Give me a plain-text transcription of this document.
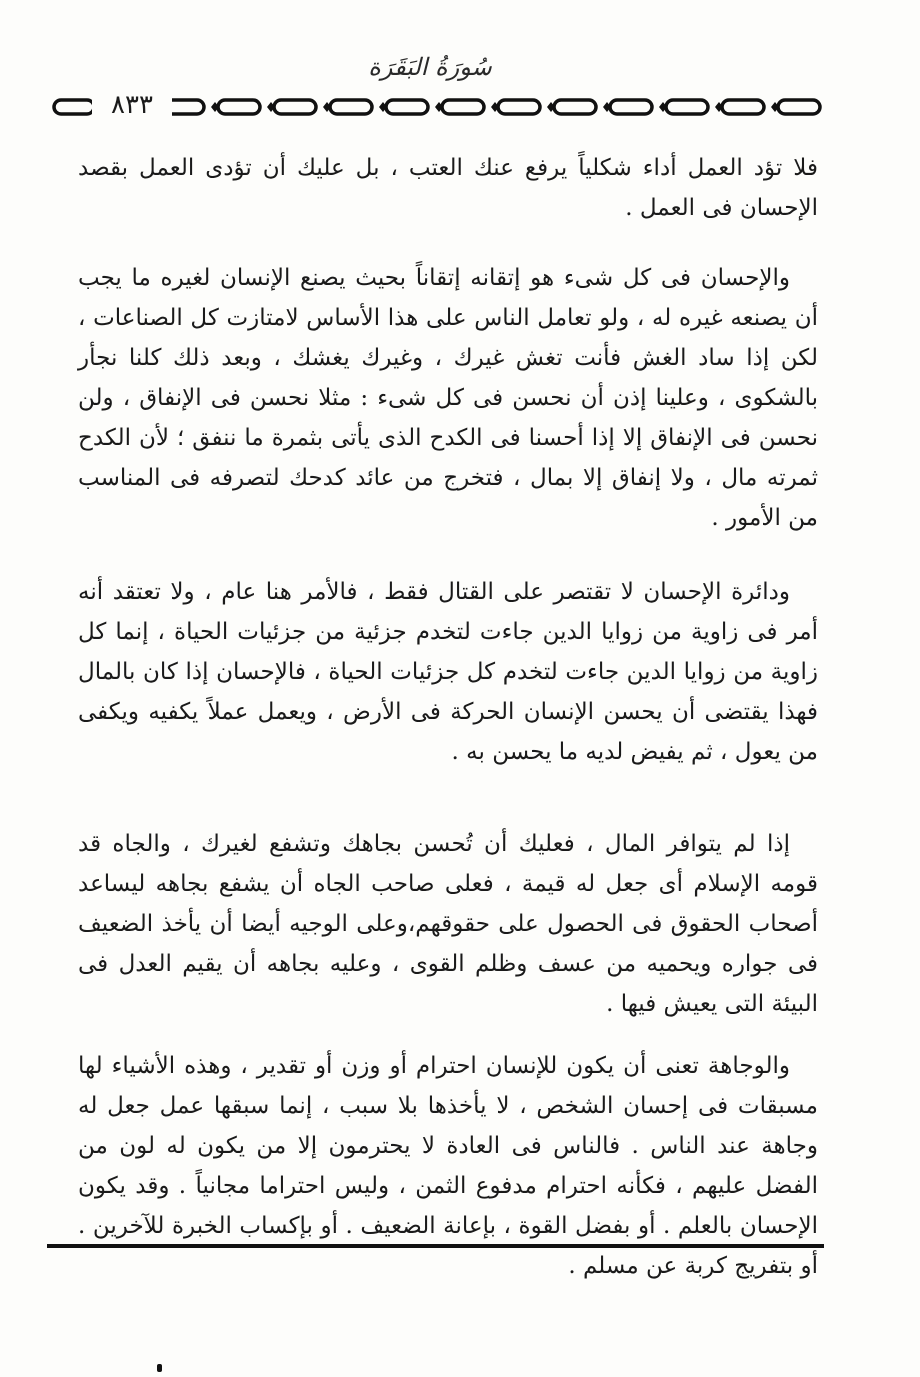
سُورَةُ البَقَرَة
٨٣٣

فلا تؤد العمل أداء شكلياً يرفع عنك العتب ، بل عليك أن تؤدى العمل بقصد الإحسان فى العمل .

والإحسان فى كل شىء هو إتقانه إتقاناً بحيث يصنع الإنسان لغيره ما يجب أن يصنعه غيره له ، ولو تعامل الناس على هذا الأساس لامتازت كل الصناعات ، لكن إذا ساد الغش فأنت تغش غيرك ، وغيرك يغشك ، وبعد ذلك كلنا نجأر بالشكوى ، وعلينا إذن أن نحسن فى كل شىء : مثلا نحسن فى الإنفاق ، ولن نحسن فى الإنفاق إلا إذا أحسنا فى الكدح الذى يأتى بثمرة ما ننفق ؛ لأن الكدح ثمرته مال ، ولا إنفاق إلا بمال ، فتخرج من عائد كدحك لتصرفه فى المناسب من الأمور .

ودائرة الإحسان لا تقتصر على القتال فقط ، فالأمر هنا عام ، ولا تعتقد أنه أمر فى زاوية من زوايا الدين جاءت لتخدم جزئية من جزئيات الحياة ، إنما كل زاوية من زوايا الدين جاءت لتخدم كل جزئيات الحياة ، فالإحسان إذا كان بالمال فهذا يقتضى أن يحسن الإنسان الحركة فى الأرض ، ويعمل عملاً يكفيه ويكفى من يعول ، ثم يفيض لديه ما يحسن به .

إذا لم يتوافر المال ، فعليك أن تُحسن بجاهك وتشفع لغيرك ، والجاه قد قومه الإسلام أى جعل له قيمة ، فعلى صاحب الجاه أن يشفع بجاهه ليساعد أصحاب الحقوق فى الحصول على حقوقهم،وعلى الوجيه أيضا أن يأخذ الضعيف فى جواره ويحميه من عسف وظلم القوى ، وعليه بجاهه أن يقيم العدل فى البيئة التى يعيش فيها .

والوجاهة تعنى أن يكون للإنسان احترام أو وزن أو تقدير ، وهذه الأشياء لها مسبقات فى إحسان الشخص ، لا يأخذها بلا سبب ، إنما سبقها عمل جعل له وجاهة عند الناس . فالناس فى العادة لا يحترمون إلا من يكون له لون من الفضل عليهم ، فكأنه احترام مدفوع الثمن ، وليس احتراما مجانياً . وقد يكون الإحسان بالعلم . أو بفضل القوة ، بإعانة الضعيف . أو بإكساب الخبرة للآخرين . أو بتفريج كربة عن مسلم .
